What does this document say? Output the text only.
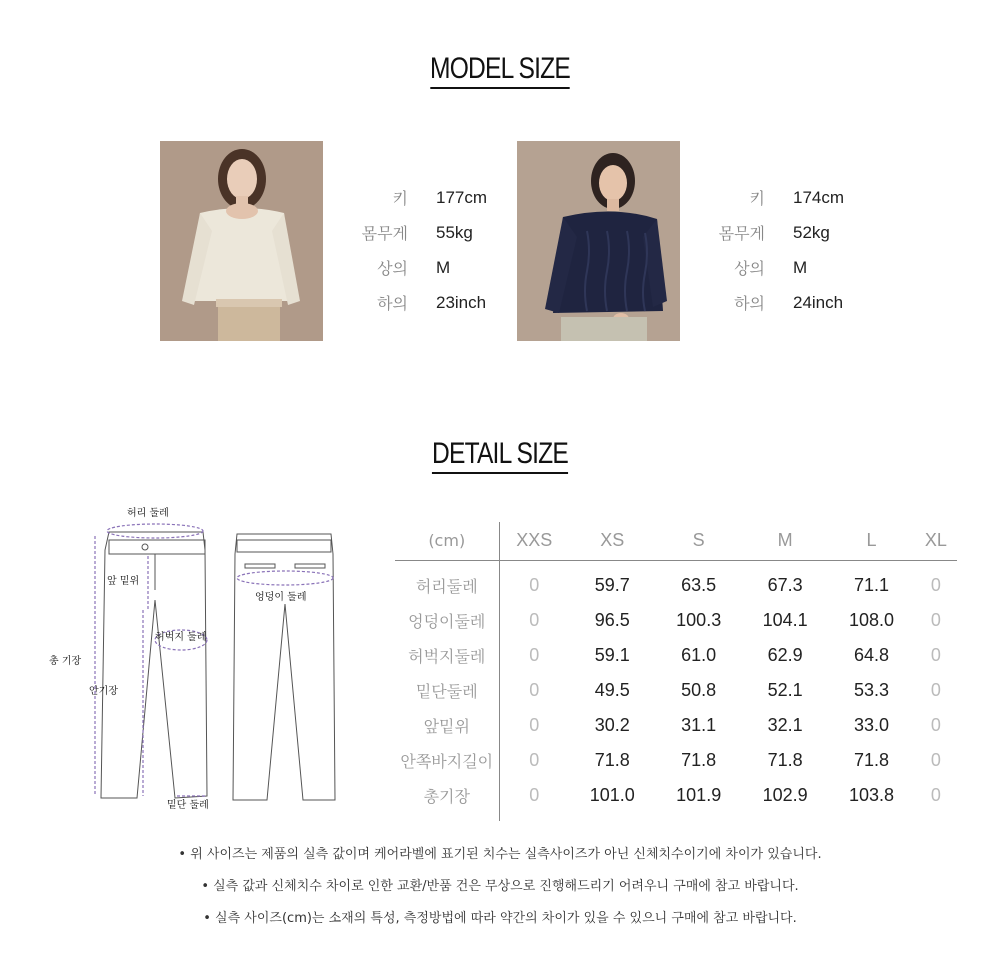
MODEL SIZE
키 177cm
몸무게 55kg
상의 M
하의 23inch
키 174cm
몸무게 52kg
상의 M
하의 24inch
DETAIL SIZE
허리 둘레
앞 밑위
허벅지 둘레
총 기장
안기장
밑단 둘레
엉덩이 둘레
(cm)	XXS	XS	S	M	L	XL
허리둘레	0	59.7	63.5	67.3	71.1	0
엉덩이둘레	0	96.5	100.3	104.1	108.0	0
허벅지둘레	0	59.1	61.0	62.9	64.8	0
밑단둘레	0	49.5	50.8	52.1	53.3	0
앞밑위	0	30.2	31.1	32.1	33.0	0
안쪽바지길이	0	71.8	71.8	71.8	71.8	0
총기장	0	101.0	101.9	102.9	103.8	0
• 위 사이즈는 제품의 실측 값이며 케어라벨에 표기된 치수는 실측사이즈가 아닌 신체치수이기에 차이가 있습니다.
• 실측 값과 신체치수 차이로 인한 교환/반품 건은 무상으로 진행해드리기 어려우니 구매에 참고 바랍니다.
• 실측 사이즈(cm)는 소재의 특성, 측정방법에 따라 약간의 차이가 있을 수 있으니 구매에 참고 바랍니다.
